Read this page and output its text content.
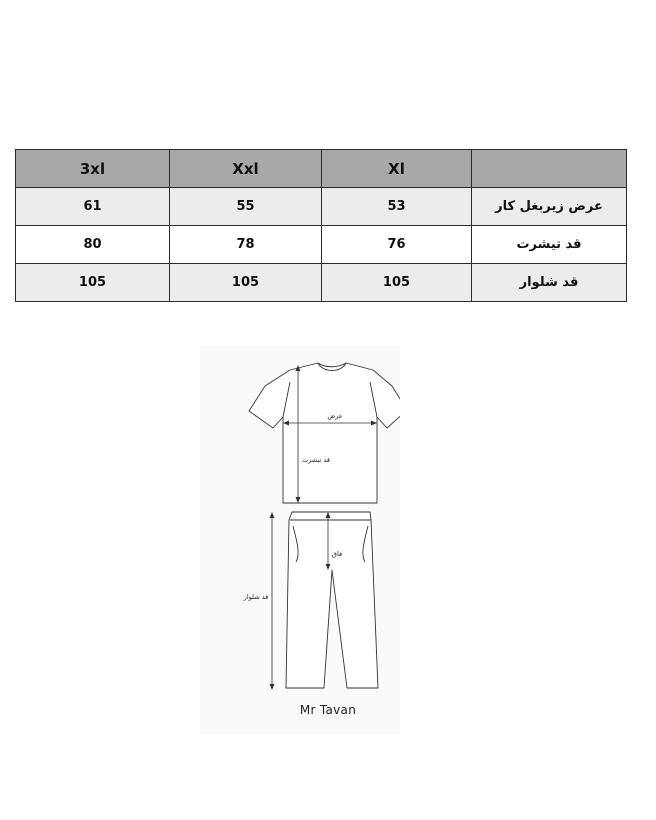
3xl	Xxl	Xl	
61	55	53	عرض زیربغل کار
80	78	76	قد تیشرت
105	105	105	قد شلوار
عرض
قد تیشرت
فاق
قد شلوار
Mr Tavan
